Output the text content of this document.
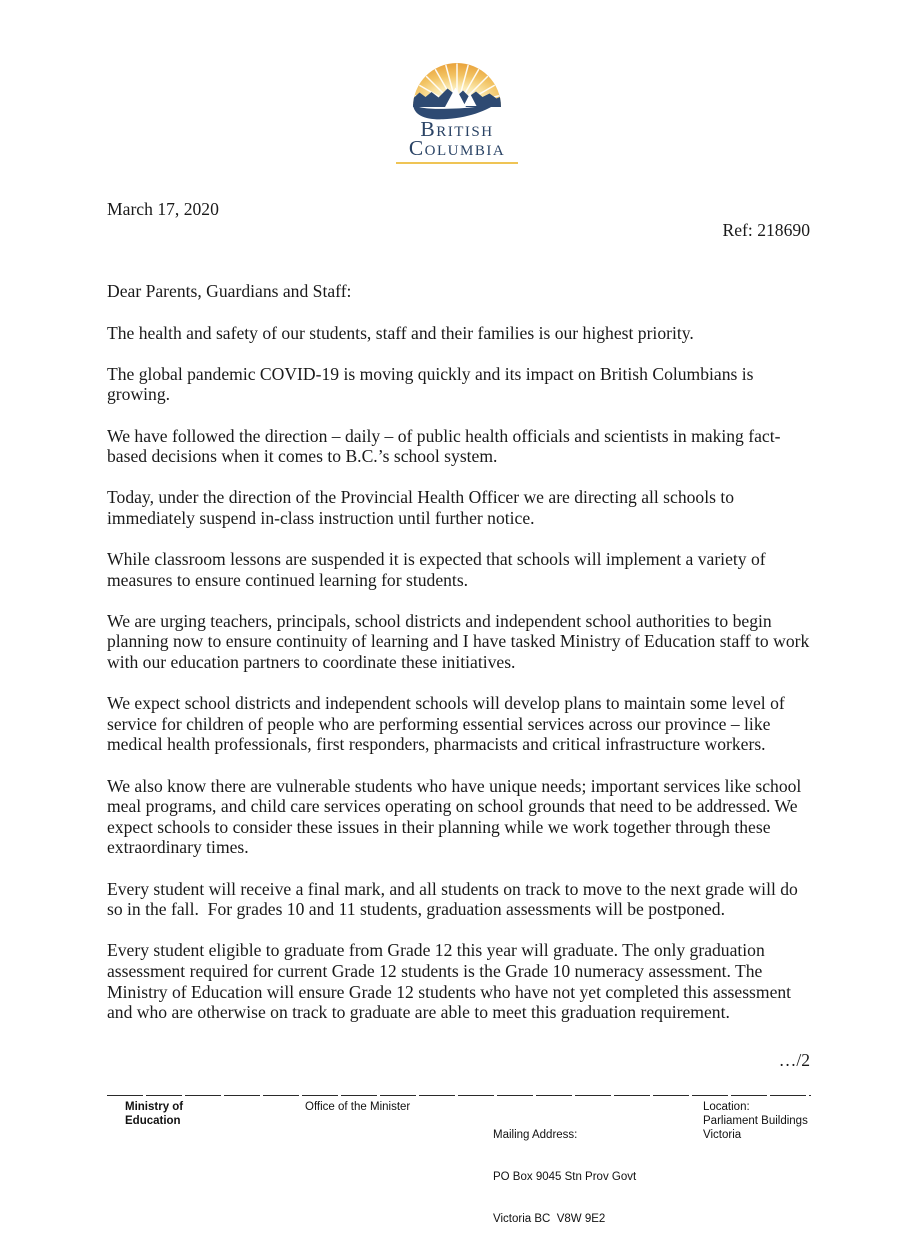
British
Columbia

March 17, 2020

Ref: 218690

Dear Parents, Guardians and Staff:

The health and safety of our students, staff and their families is our highest priority.

The global pandemic COVID-19 is moving quickly and its impact on British Columbians is growing.

We have followed the direction – daily – of public health officials and scientists in making fact-based decisions when it comes to B.C.’s school system.

Today, under the direction of the Provincial Health Officer we are directing all schools to immediately suspend in-class instruction until further notice.

While classroom lessons are suspended it is expected that schools will implement a variety of measures to ensure continued learning for students.

We are urging teachers, principals, school districts and independent school authorities to begin planning now to ensure continuity of learning and I have tasked Ministry of Education staff to work with our education partners to coordinate these initiatives.

We expect school districts and independent schools will develop plans to maintain some level of service for children of people who are performing essential services across our province – like medical health professionals, first responders, pharmacists and critical infrastructure workers.

We also know there are vulnerable students who have unique needs; important services like school meal programs, and child care services operating on school grounds that need to be addressed. We expect schools to consider these issues in their planning while we work together through these extraordinary times.

Every student will receive a final mark, and all students on track to move to the next grade will do so in the fall.  For grades 10 and 11 students, graduation assessments will be postponed.

Every student eligible to graduate from Grade 12 this year will graduate. The only graduation assessment required for current Grade 12 students is the Grade 10 numeracy assessment. The Ministry of Education will ensure Grade 12 students who have not yet completed this assessment and who are otherwise on track to graduate are able to meet this graduation requirement.

…/2
Ministry of
Education
Office of the Minister

Mailing Address:

PO Box 9045 Stn Prov Govt

Victoria BC  V8W 9E2

Location:
Parliament Buildings
Victoria
